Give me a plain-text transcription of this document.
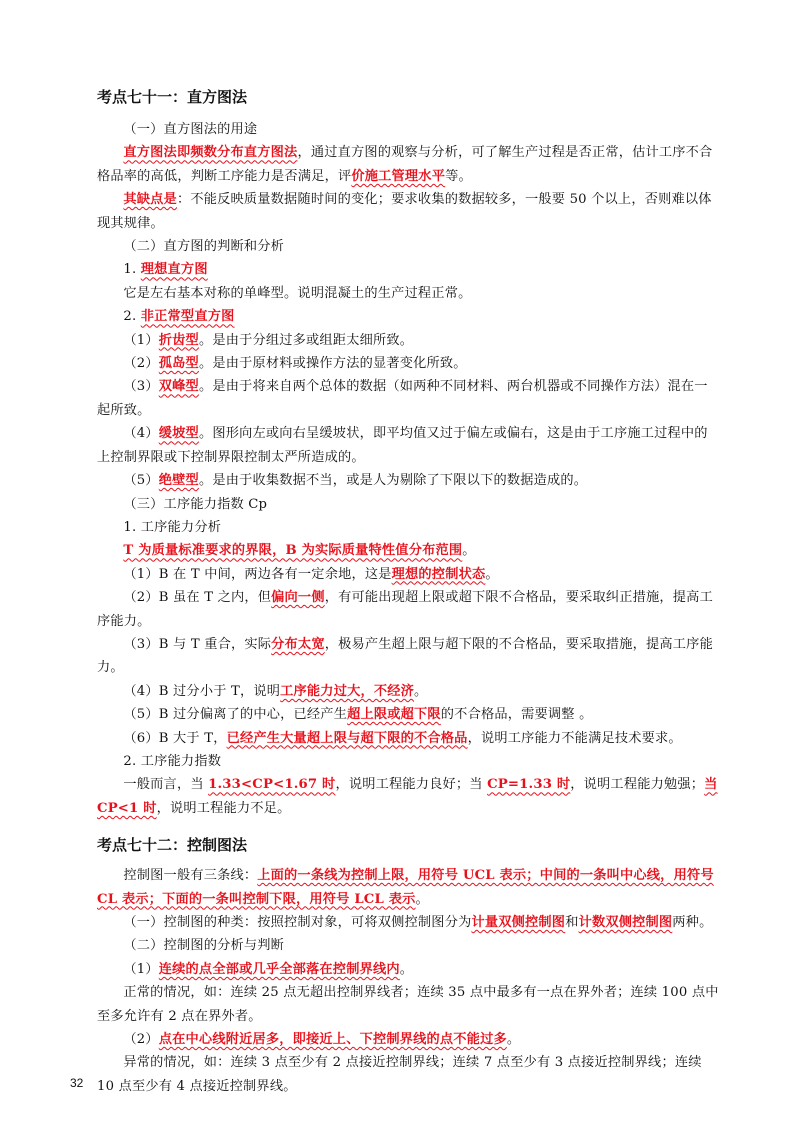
考点七十一：直方图法

（一）直方图法的用途

直方图法即频数分布直方图法，通过直方图的观察与分析，可了解生产过程是否正常，估计工序不合格品率的高低，判断工序能力是否满足，评价施工管理水平等。

其缺点是：不能反映质量数据随时间的变化；要求收集的数据较多，一般要 50 个以上，否则难以体现其规律。

（二）直方图的判断和分析

1. 理想直方图

它是左右基本对称的单峰型。说明混凝土的生产过程正常。

2. 非正常型直方图

（1）折齿型。是由于分组过多或组距太细所致。

（2）孤岛型。是由于原材料或操作方法的显著变化所致。

（3）双峰型。是由于将来自两个总体的数据（如两种不同材料、两台机器或不同操作方法）混在一起所致。

（4）缓坡型。图形向左或向右呈缓坡状，即平均值又过于偏左或偏右，这是由于工序施工过程中的上控制界限或下控制界限控制太严所造成的。

（5）绝壁型。是由于收集数据不当，或是人为剔除了下限以下的数据造成的。

（三）工序能力指数 Cp

1. 工序能力分析

T 为质量标准要求的界限，B 为实际质量特性值分布范围。

（1）B 在 T 中间，两边各有一定余地，这是理想的控制状态。

（2）B 虽在 T 之内，但偏向一侧，有可能出现超上限或超下限不合格品，要采取纠正措施，提高工序能力。

（3）B 与 T 重合，实际分布太宽，极易产生超上限与超下限的不合格品，要采取措施，提高工序能力。

（4）B 过分小于 T，说明工序能力过大，不经济。

（5）B 过分偏离了的中心，已经产生超上限或超下限的不合格品，需要调整 。

（6）B 大于 T，已经产生大量超上限与超下限的不合格品，说明工序能力不能满足技术要求。

2. 工序能力指数

一般而言，当 1.33<CP<1.67 时，说明工程能力良好；当 CP=1.33 时，说明工程能力勉强；当 CP<1 时，说明工程能力不足。

考点七十二：控制图法

控制图一般有三条线：上面的一条线为控制上限，用符号 UCL 表示；中间的一条叫中心线，用符号 CL 表示；下面的一条叫控制下限，用符号 LCL 表示。

（一）控制图的种类：按照控制对象，可将双侧控制图分为计量双侧控制图和计数双侧控制图两种。

（二）控制图的分析与判断

（1）连续的点全部或几乎全部落在控制界线内。

正常的情况，如：连续 25 点无超出控制界线者；连续 35 点中最多有一点在界外者；连续 100 点中至多允许有 2 点在界外者。

（2）点在中心线附近居多，即接近上、下控制界线的点不能过多。

异常的情况，如：连续 3 点至少有 2 点接近控制界线；连续 7 点至少有 3 点接近控制界线；连续 10 点至少有 4 点接近控制界线。

32
